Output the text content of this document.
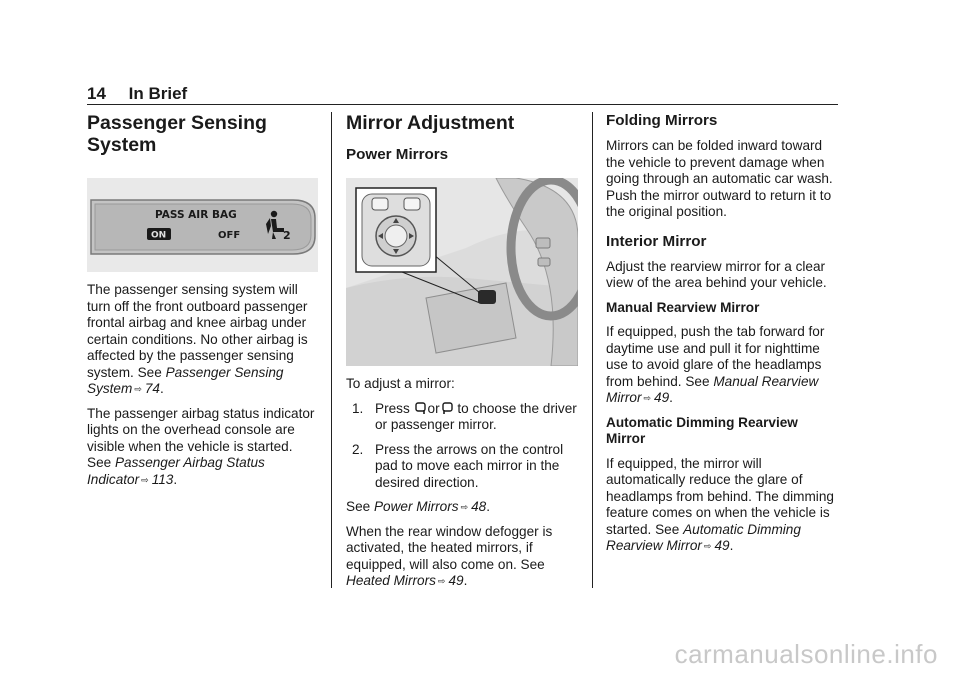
14 In Brief
Passenger Sensing System
PASS AIR BAG
ON	OFF	2

The passenger sensing system will turn off the front outboard passenger frontal airbag and knee airbag under certain conditions. No other airbag is affected by the passenger sensing system. See Passenger Sensing System ⇨ 74.

The passenger airbag status indicator lights on the overhead console are visible when the vehicle is started. See Passenger Airbag Status Indicator ⇨ 113.

Mirror Adjustment
Power Mirrors

To adjust a mirror:

1. Press or to choose the driver or passenger mirror.
2. Press the arrows on the control pad to move each mirror in the desired direction.

See Power Mirrors ⇨ 48.

When the rear window defogger is activated, the heated mirrors, if equipped, will also come on. See Heated Mirrors ⇨ 49.

Folding Mirrors

Mirrors can be folded inward toward the vehicle to prevent damage when going through an automatic car wash. Push the mirror outward to return it to the original position.

Interior Mirror

Adjust the rearview mirror for a clear view of the area behind your vehicle.

Manual Rearview Mirror

If equipped, push the tab forward for daytime use and pull it for nighttime use to avoid glare of the headlamps from behind. See Manual Rearview Mirror ⇨ 49.

Automatic Dimming Rearview Mirror

If equipped, the mirror will automatically reduce the glare of headlamps from behind. The dimming feature comes on when the vehicle is started. See Automatic Dimming Rearview Mirror ⇨ 49.

carmanualsonline.info
